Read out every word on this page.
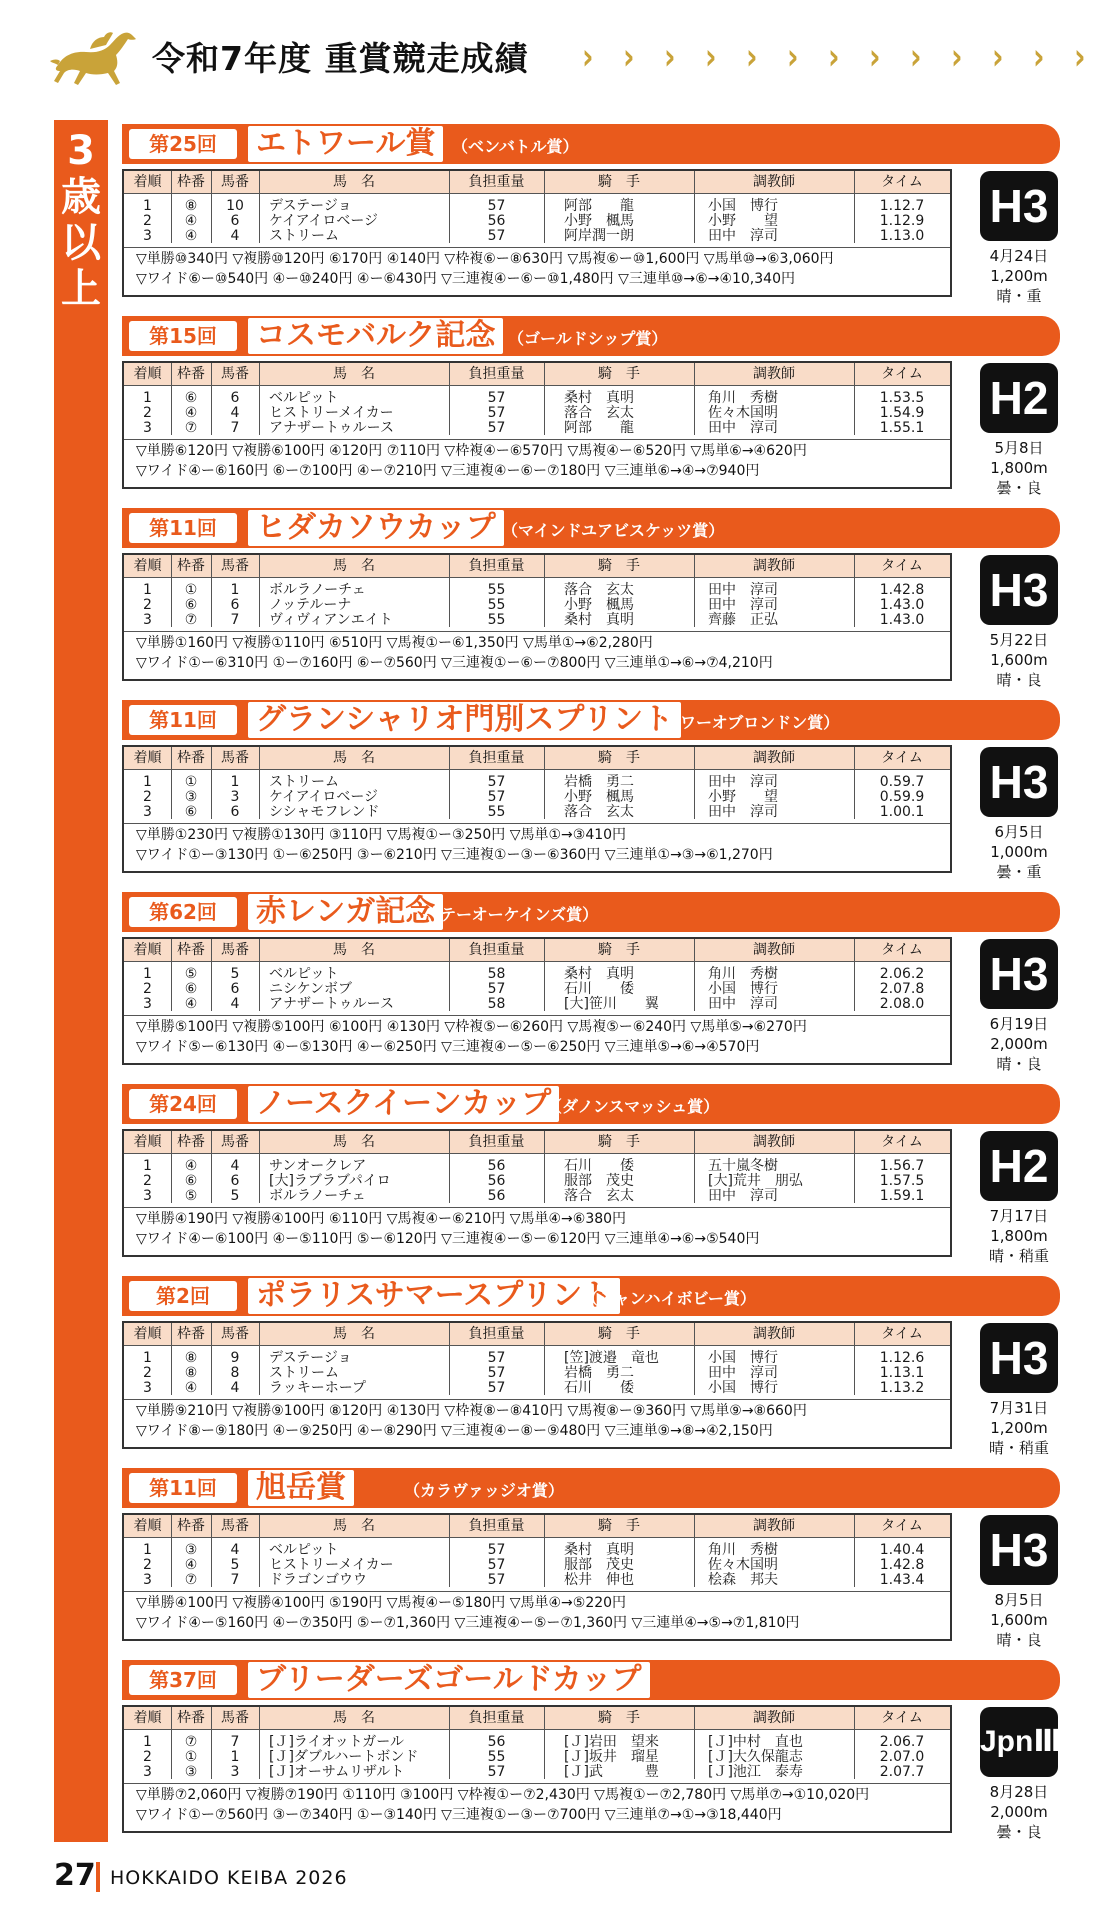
令和7年度 重賞競走成績 › › › › › › › › › › › › ›
3
歳
以
上
第25回	エトワール賞	（ベンバトル賞）
着順	枠番	馬番	馬　名	負担重量	騎　手	調教師	タイム
1	⑧	10	デステージョ	57	阿部　　龍	小国　博行	1.12.7
2	④	6	ケイアイロベージ	56	小野　楓馬	小野　　望	1.12.9
3	④	4	ストリーム	57	阿岸潤一朗	田中　淳司	1.13.0
▽単勝⑩340円 ▽複勝⑩120円 ⑥170円 ④140円 ▽枠複⑥ー⑧630円 ▽馬複⑥ー⑩1,600円 ▽馬単⑩→⑥3,060円
▽ワイド⑥ー⑩540円 ④ー⑩240円 ④ー⑥430円 ▽三連複④ー⑥ー⑩1,480円 ▽三連単⑩→⑥→④10,340円
H3
4月24日
1,200m
晴・重
第15回	コスモバルク記念 （ゴールドシップ賞）
着順	枠番	馬番	馬　名	負担重量	騎　手	調教師	タイム
1	⑥	6	ベルピット	57	桑村　真明	角川　秀樹	1.53.5
2	④	4	ヒストリーメイカー	57	落合　玄太	佐々木国明	1.54.9
3	⑦	7	アナザートゥルース	57	阿部　　龍	田中　淳司	1.55.1
▽単勝⑥120円 ▽複勝⑥100円 ④120円 ⑦110円 ▽枠複④ー⑥570円 ▽馬複④ー⑥520円 ▽馬単⑥→④620円
▽ワイド④ー⑥160円 ⑥ー⑦100円 ④ー⑦210円 ▽三連複④ー⑥ー⑦180円 ▽三連単⑥→④→⑦940円
H2
5月8日
1,800m
曇・良
第11回	ヒダカソウカップ （マインドユアビスケッツ賞）
着順	枠番	馬番	馬　名	負担重量	騎　手	調教師	タイム
1	①	1	ボルラノーチェ	55	落合　玄太	田中　淳司	1.42.8
2	⑥	6	ノッテルーナ	55	小野　楓馬	田中　淳司	1.43.0
3	⑦	7	ヴィヴィアンエイト	55	桑村　真明	齊藤　正弘	1.43.0
▽単勝①160円 ▽複勝①110円 ⑥510円 ▽馬複①ー⑥1,350円 ▽馬単①→⑥2,280円
▽ワイド①ー⑥310円 ①ー⑦160円 ⑥ー⑦560円 ▽三連複①ー⑥ー⑦800円 ▽三連単①→⑥→⑦4,210円
H3
5月22日
1,600m
晴・良
第11回	グランシャリオ門別スプリント
（タワーオブロンドン賞）
着順	枠番	馬番	馬　名	負担重量	騎　手	調教師	タイム
1	①	1	ストリーム	57	岩橋　勇二	田中　淳司	0.59.7
2	③	3	ケイアイロベージ	57	小野　楓馬	小野　　望	0.59.9
3	⑥	6	シシャモフレンド	55	落合　玄太	田中　淳司	1.00.1
▽単勝①230円 ▽複勝①130円 ③110円 ▽馬複①ー③250円 ▽馬単①→③410円
▽ワイド①ー③130円 ①ー⑥250円 ③ー⑥210円 ▽三連複①ー③ー⑥360円 ▽三連単①→③→⑥1,270円
H3
6月5日
1,000m
曇・重
第62回	赤レンガ記念
（テーオーケインズ賞）
着順	枠番	馬番	馬　名	負担重量	騎　手	調教師	タイム
1	⑤	5	ベルピット	58	桑村　真明	角川　秀樹	2.06.2
2	⑥	6	ニシケンボブ	57	石川　　倭	小国　博行	2.07.8
3	④	4	アナザートゥルース	58	[大]笹川　　翼	田中　淳司	2.08.0
▽単勝⑤100円 ▽複勝⑤100円 ⑥100円 ④130円 ▽枠複⑤ー⑥260円 ▽馬複⑤ー⑥240円 ▽馬単⑤→⑥270円
▽ワイド⑤ー⑥130円 ④ー⑤130円 ④ー⑥250円 ▽三連複④ー⑤ー⑥250円 ▽三連単⑤→⑥→④570円
H3
6月19日
2,000m
晴・良
第24回	ノースクイーンカップ
（ダノンスマッシュ賞）
着順	枠番	馬番	馬　名	負担重量	騎　手	調教師	タイム
1	④	4	サンオークレア	56	石川　　倭	五十嵐冬樹	1.56.7
2	⑥	6	[大]ラブラブパイロ	56	服部　茂史	[大]荒井　朋弘	1.57.5
3	⑤	5	ボルラノーチェ	56	落合　玄太	田中　淳司	1.59.1
▽単勝④190円 ▽複勝④100円 ⑥110円 ▽馬複④ー⑥210円 ▽馬単④→⑥380円
▽ワイド④ー⑥100円 ④ー⑤110円 ⑤ー⑥120円 ▽三連複④ー⑤ー⑥120円 ▽三連単④→⑥→⑤540円
H2
7月17日
1,800m
晴・稍重
第2回	ポラリスサマースプリント
（シャンハイボビー賞）
着順	枠番	馬番	馬　名	負担重量	騎　手	調教師	タイム
1	⑧	9	デステージョ	57	[笠]渡邉　竜也	小国　博行	1.12.6
2	⑧	8	ストリーム	57	岩橋　勇二	田中　淳司	1.13.1
3	④	4	ラッキーホープ	57	石川　　倭	小国　博行	1.13.2
▽単勝⑨210円 ▽複勝⑨100円 ⑧120円 ④130円 ▽枠複⑧ー⑧410円 ▽馬複⑧ー⑨360円 ▽馬単⑨→⑧660円
▽ワイド⑧ー⑨180円 ④ー⑨250円 ④ー⑧290円 ▽三連複④ー⑧ー⑨480円 ▽三連単⑨→⑧→④2,150円
H3
7月31日
1,200m
晴・稍重
第11回	旭岳賞	（カラヴァッジオ賞）
着順	枠番	馬番	馬　名	負担重量	騎　手	調教師	タイム
1	③	4	ベルピット	57	桑村　真明	角川　秀樹	1.40.4
2	④	5	ヒストリーメイカー	57	服部　茂史	佐々木国明	1.42.8
3	⑦	7	ドラゴンゴウウ	57	松井　伸也	桧森　邦夫	1.43.4
▽単勝④100円 ▽複勝④100円 ⑤190円 ▽馬複④ー⑤180円 ▽馬単④→⑤220円
▽ワイド④ー⑤160円 ④ー⑦350円 ⑤ー⑦1,360円 ▽三連複④ー⑤ー⑦1,360円 ▽三連単④→⑤→⑦1,810円
H3
8月5日
1,600m
晴・良
第37回	ブリーダーズゴールドカップ
着順	枠番	馬番	馬　名	負担重量	騎　手	調教師	タイム
1	⑦	7	[Ｊ]ライオットガール	56	[Ｊ]岩田　望来	[Ｊ]中村　直也	2.06.7
2	①	1	[Ｊ]ダブルハートボンド	55	[Ｊ]坂井　瑠星	[Ｊ]大久保龍志	2.07.0
3	③	3	[Ｊ]オーサムリザルト	57	[Ｊ]武　　　豊	[Ｊ]池江　泰寿	2.07.7
▽単勝⑦2,060円 ▽複勝⑦190円 ①110円 ③100円 ▽枠複①ー⑦2,430円 ▽馬複①ー⑦2,780円 ▽馬単⑦→①10,020円
▽ワイド①ー⑦560円 ③ー⑦340円 ①ー③140円 ▽三連複①ー③ー⑦700円 ▽三連単⑦→①→③18,440円
JpnⅢ
8月28日
2,000m
曇・良
27 HOKKAIDO KEIBA 2026
